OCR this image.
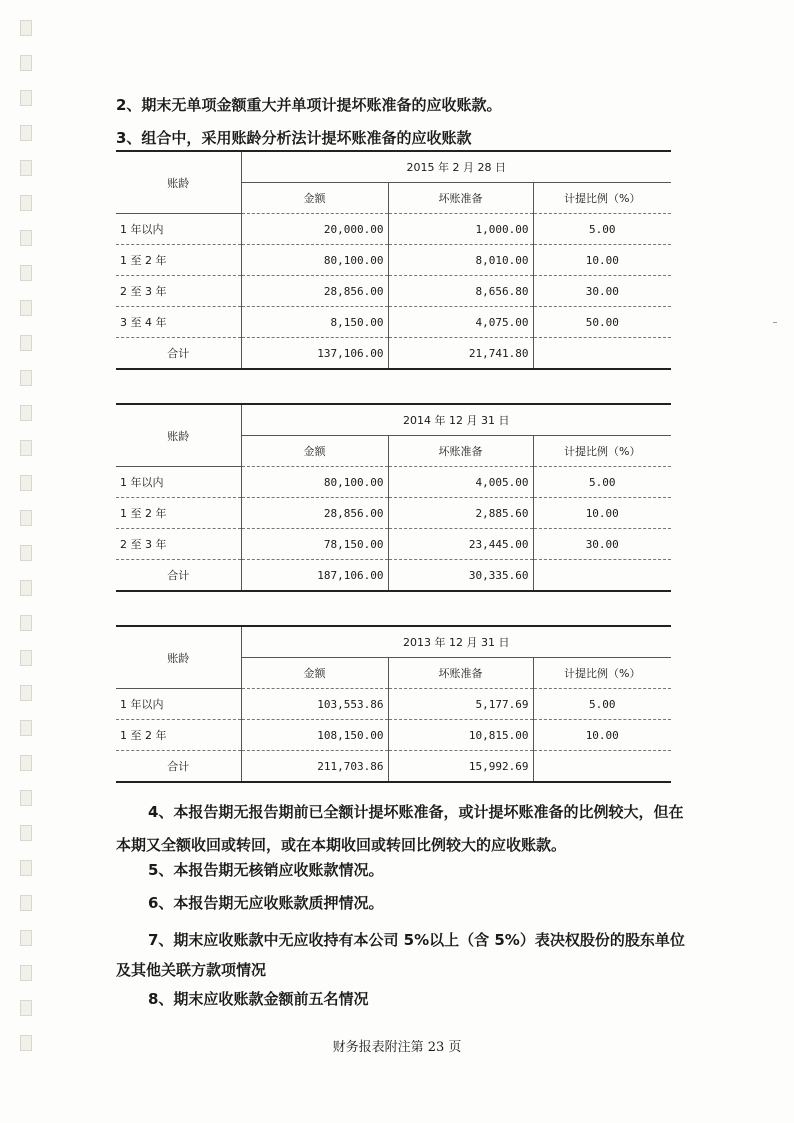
2、期末无单项金额重大并单项计提坏账准备的应收账款。

3、组合中，采用账龄分析法计提坏账准备的应收账款

账龄	2015 年 2 月 28 日		
	金额	坏账准备	计提比例（%）
1 年以内	20,000.00	1,000.00	5.00
1 至 2 年	80,100.00	8,010.00	10.00
2 至 3 年	28,856.00	8,656.80	30.00
3 至 4 年	8,150.00	4,075.00	50.00
合计	137,106.00	21,741.80	
账龄	2014 年 12 月 31 日		
	金额	坏账准备	计提比例（%）
1 年以内	80,100.00	4,005.00	5.00
1 至 2 年	28,856.00	2,885.60	10.00
2 至 3 年	78,150.00	23,445.00	30.00
合计	187,106.00	30,335.60	
账龄	2013 年 12 月 31 日		
	金额	坏账准备	计提比例（%）
1 年以内	103,553.86	5,177.69	5.00
1 至 2 年	108,150.00	10,815.00	10.00
合计	211,703.86	15,992.69	

4、本报告期无报告期前已全额计提坏账准备，或计提坏账准备的比例较大，但在本期又全额收回或转回，或在本期收回或转回比例较大的应收账款。

5、本报告期无核销应收账款情况。

6、本报告期无应收账款质押情况。

7、期末应收账款中无应收持有本公司 5%以上（含 5%）表决权股份的股东单位及其他关联方款项情况

8、期末应收账款金额前五名情况

财务报表附注第 23 页
